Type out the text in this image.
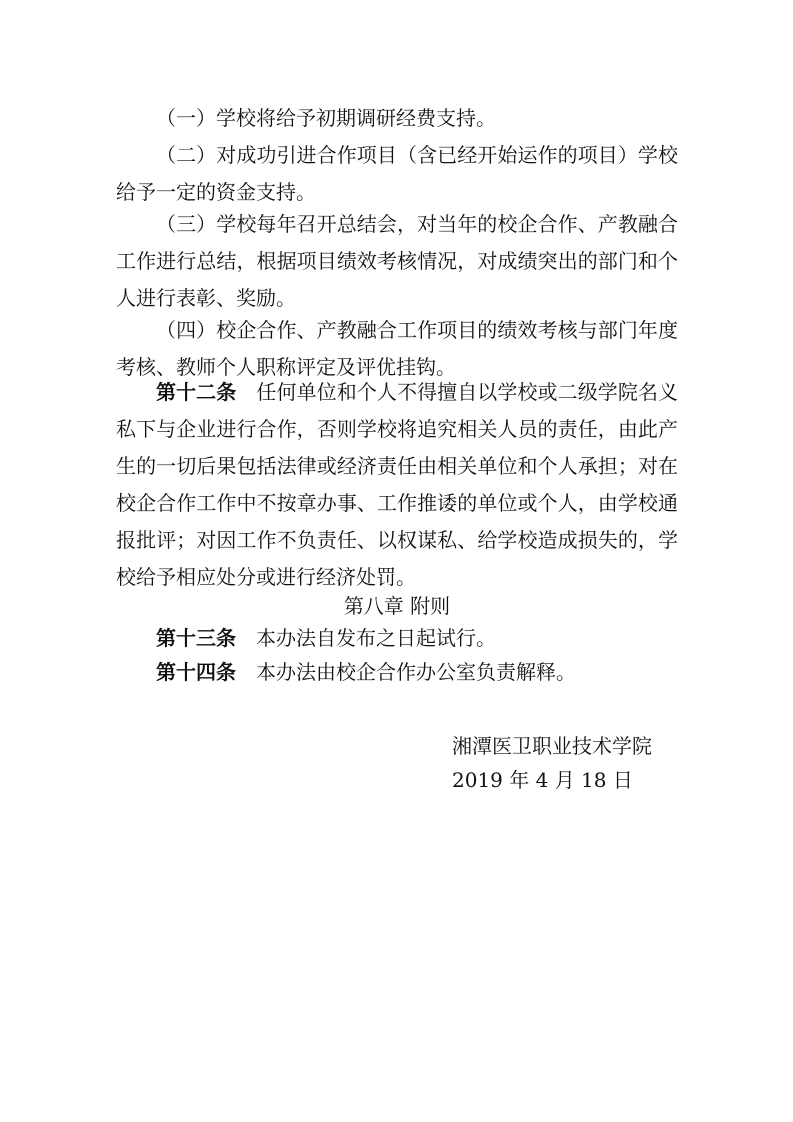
（一）学校将给予初期调研经费支持。

（二）对成功引进合作项目（含已经开始运作的项目）学校给予一定的资金支持。

（三）学校每年召开总结会，对当年的校企合作、产教融合工作进行总结，根据项目绩效考核情况，对成绩突出的部门和个人进行表彰、奖励。

（四）校企合作、产教融合工作项目的绩效考核与部门年度考核、教师个人职称评定及评优挂钩。

第十二条　 任何单位和个人不得擅自以学校或二级学院名义私下与企业进行合作，否则学校将追究相关人员的责任，由此产生的一切后果包括法律或经济责任由相关单位和个人承担；对在校企合作工作中不按章办事、工作推诿的单位或个人，由学校通报批评；对因工作不负责任、以权谋私、给学校造成损失的，学校给予相应处分或进行经济处罚。

第八章 附则

第十三条　 本办法自发布之日起试行。

第十四条　 本办法由校企合作办公室负责解释。

湘潭医卫职业技术学院
2019 年 4 月 18 日
